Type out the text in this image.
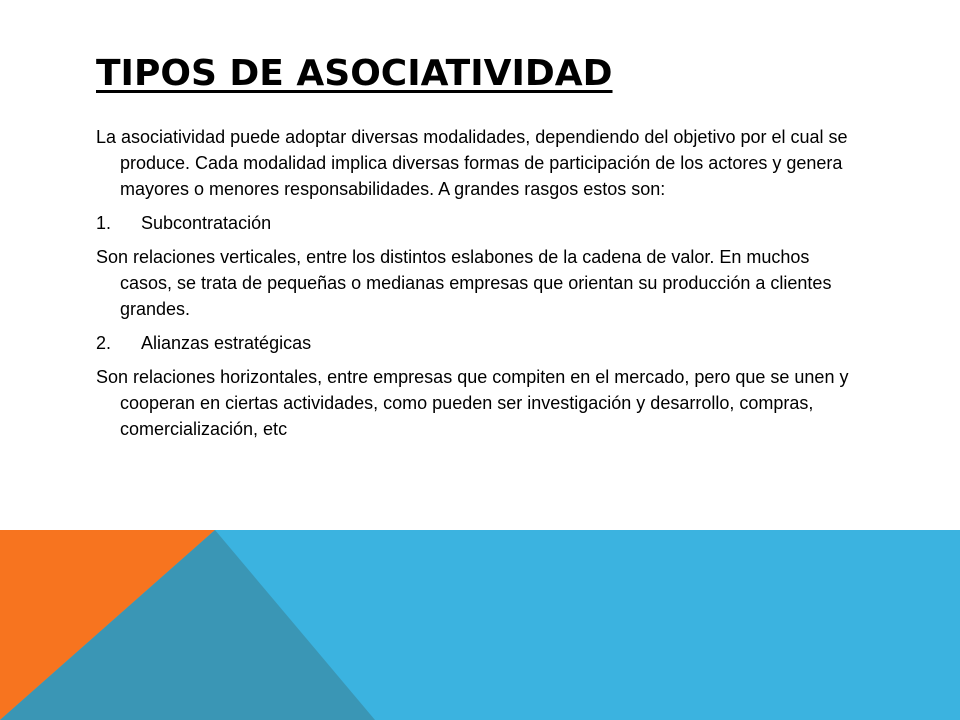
TIPOS DE ASOCIATIVIDAD

La asociatividad puede adoptar diversas modalidades, dependiendo del objetivo por el cual se produce. Cada modalidad implica diversas formas de participación de los actores y genera mayores o menores responsabilidades. A grandes rasgos estos son:

1.	Subcontratación

Son relaciones verticales, entre los distintos eslabones de la cadena de valor. En muchos casos, se trata de pequeñas o medianas empresas que orientan su producción a clientes grandes.

2.	Alianzas estratégicas

Son relaciones horizontales, entre empresas que compiten en el mercado, pero que se unen y cooperan en ciertas actividades, como pueden ser investigación y desarrollo, compras, comercialización, etc
